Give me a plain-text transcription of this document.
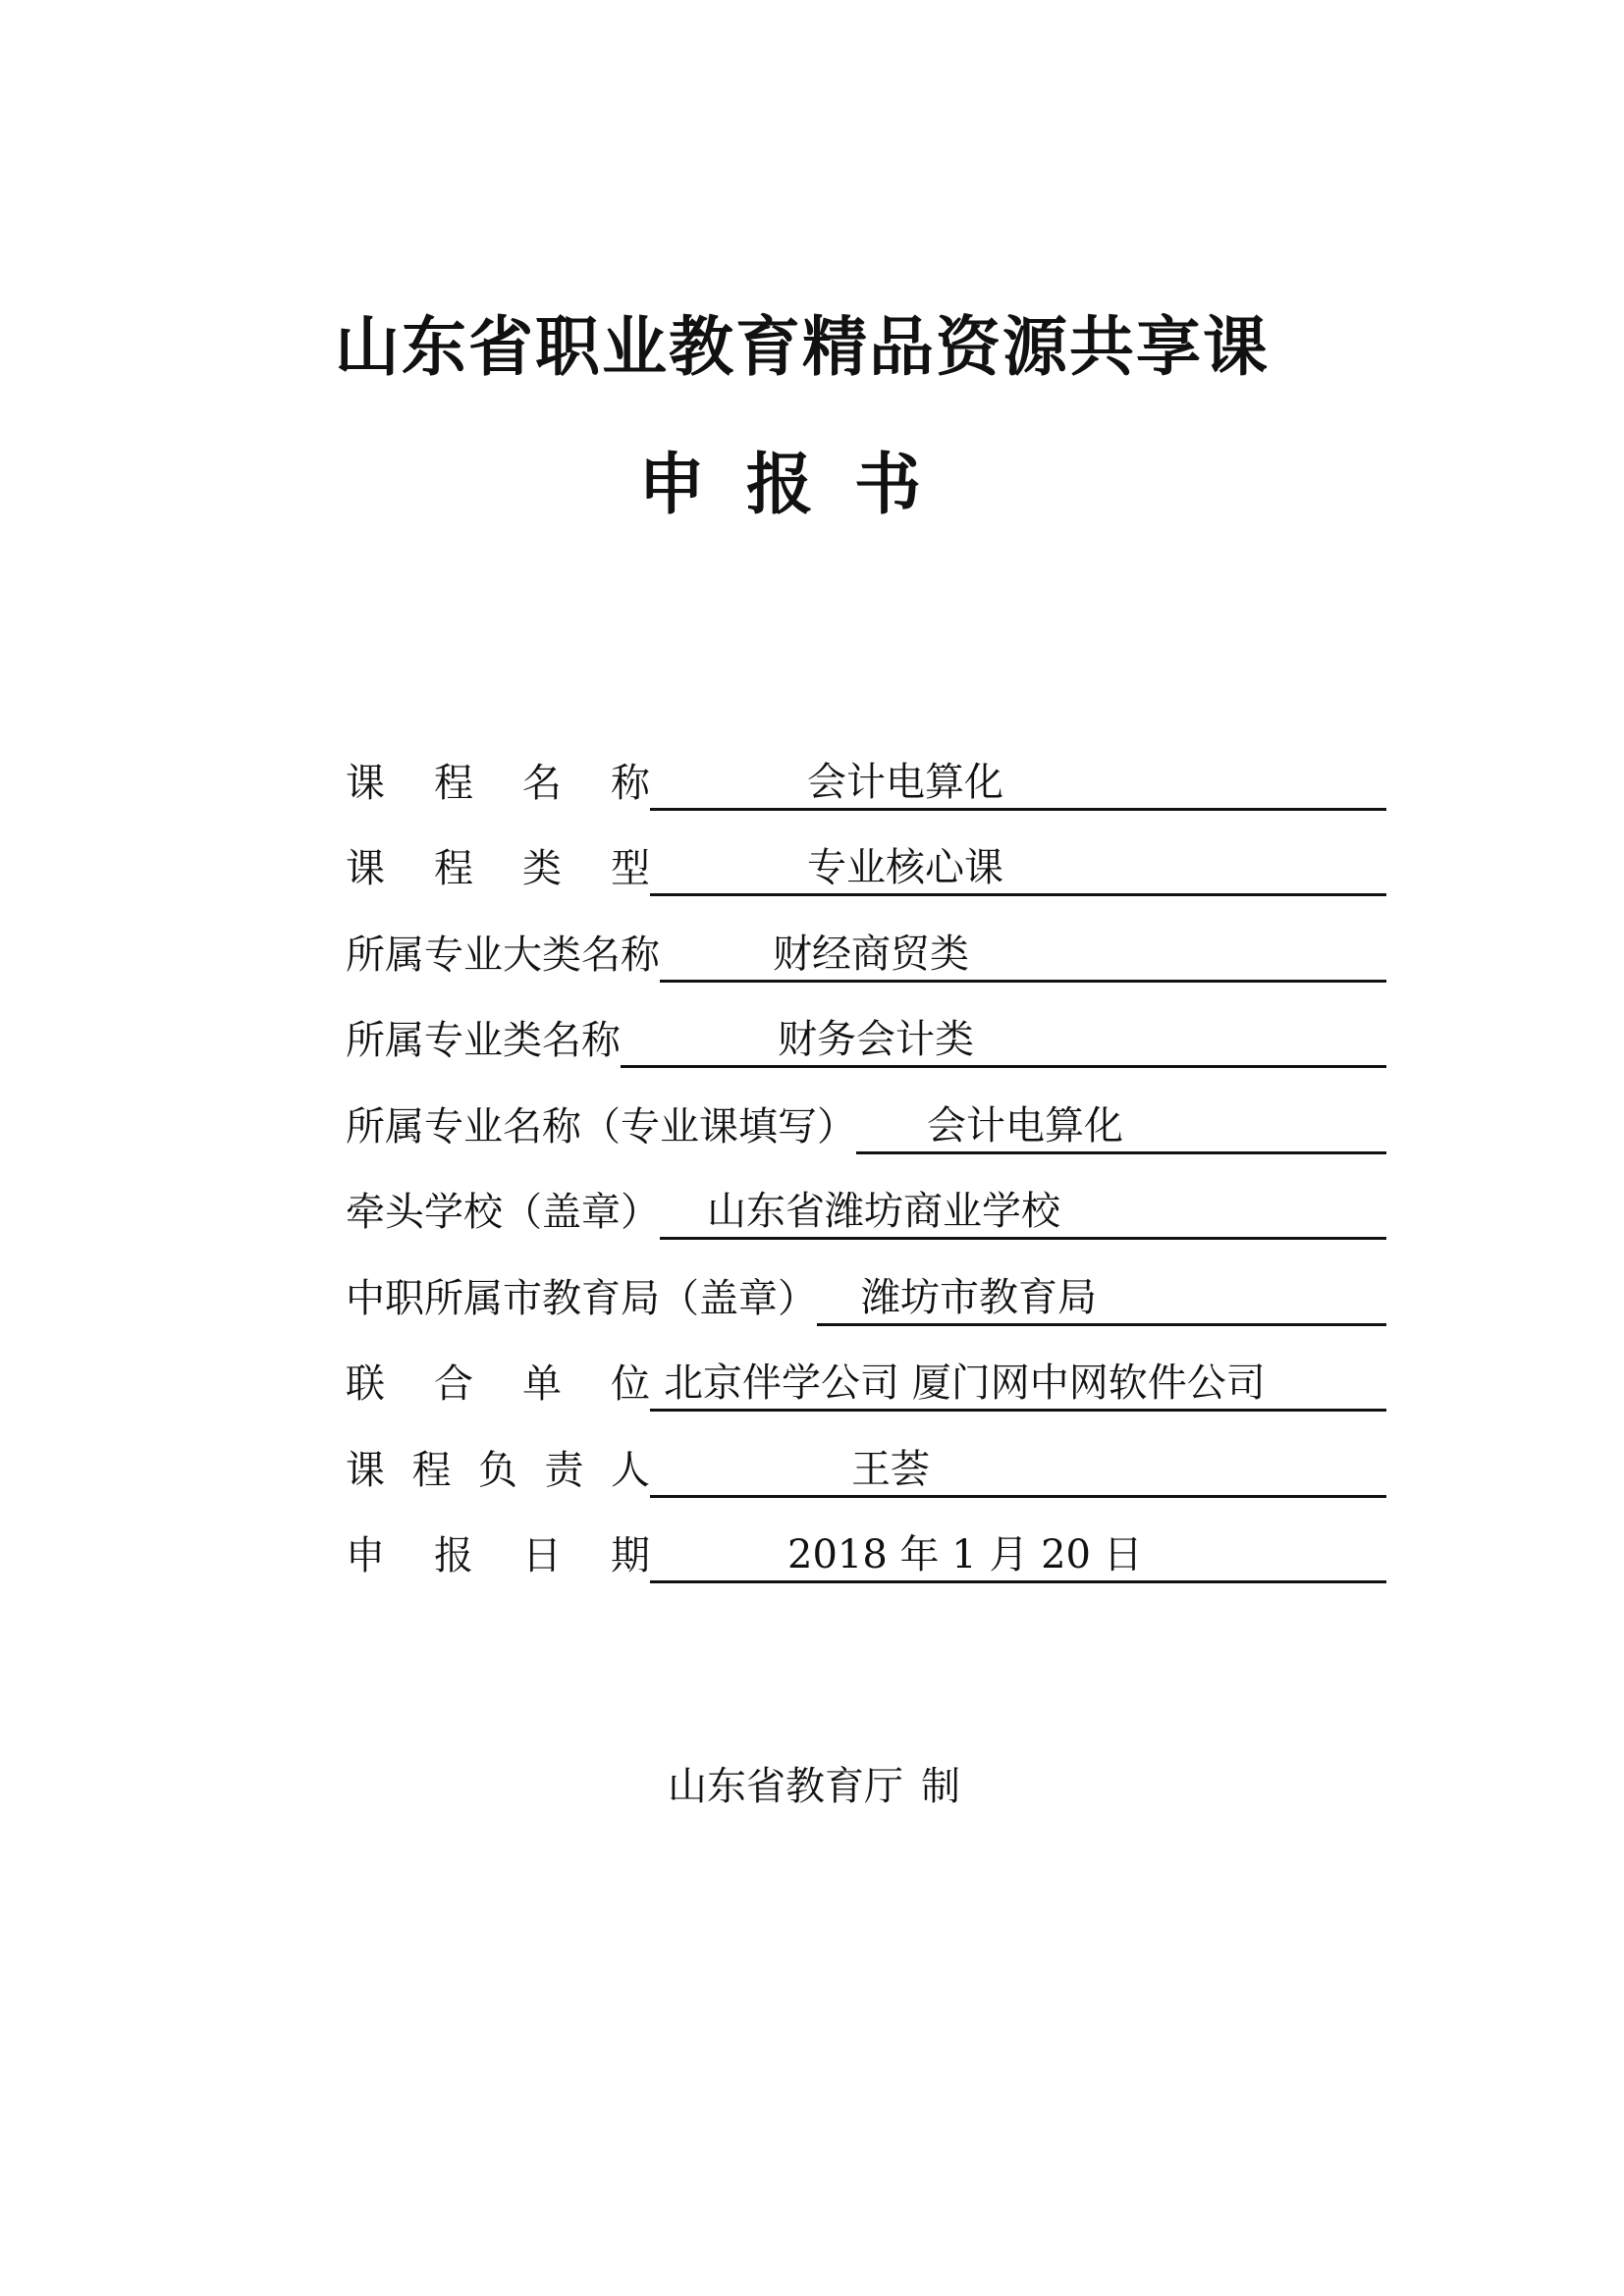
山东省职业教育精品资源共享课
申报书
课 程 名 称	会计电算化
课 程 类 型	专业核心课
所属专业大类名称	财经商贸类
所属专业类名称	财务会计类
所属专业名称（专业课填写） 会计电算化
牵头学校（盖章） 山东省潍坊商业学校
中职所属市教育局（盖章） 潍坊市教育局
联 合 单 位 北京伴学公司 厦门网中网软件公司
课 程 负 责 人	王荟
申 报 日 期	2018 年 1 月 20 日
山东省教育厅 制
